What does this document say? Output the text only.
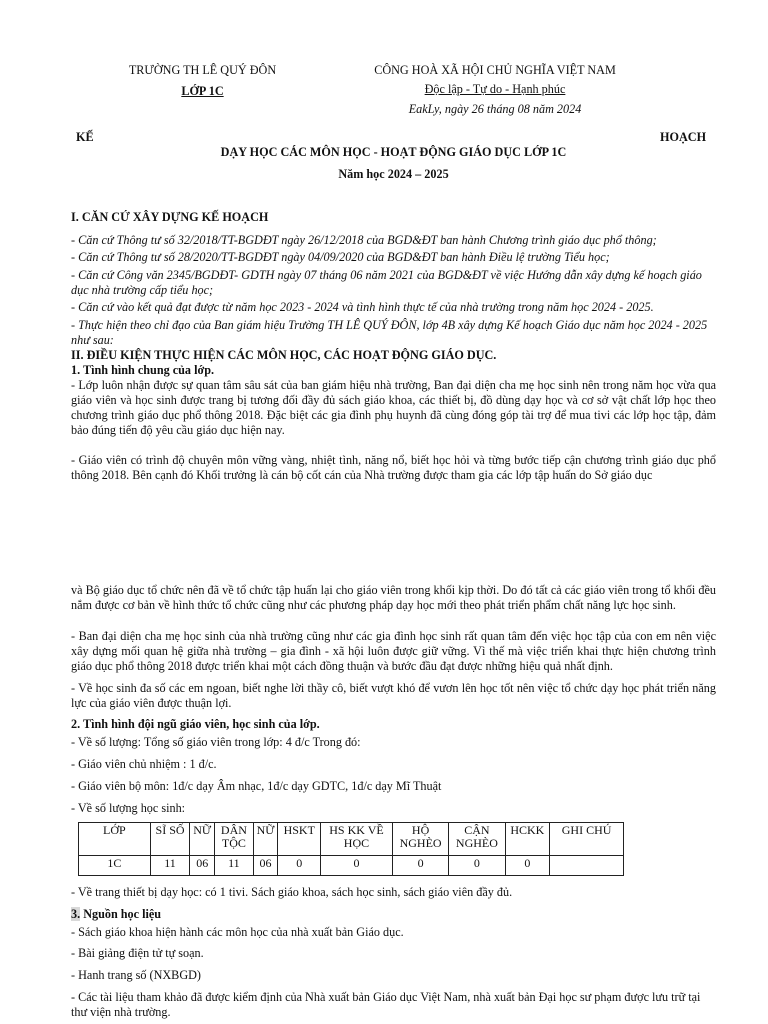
TRƯỜNG TH LÊ QUÝ ĐÔN
LỚP 1C
CÔNG HOÀ XÃ HỘI CHỦ NGHĨA VIỆT NAM
Độc lập - Tự do - Hạnh phúc
EakLy, ngày 26 tháng 08 năm 2024
KẾ	HOẠCH
DẠY HỌC CÁC MÔN HỌC - HOẠT ĐỘNG GIÁO DỤC LỚP 1C
Năm học 2024 – 2025
I. CĂN CỨ XÂY DỰNG KẾ HOẠCH

- Căn cứ Thông tư số 32/2018/TT-BGDĐT ngày 26/12/2018 của BGD&ĐT ban hành Chương trình giáo dục phổ thông;

- Căn cứ Thông tư số 28/2020/TT-BGDĐT ngày 04/09/2020 của BGD&ĐT ban hành Điều lệ trường Tiểu học;

- Căn cứ Công văn 2345/BGDĐT- GDTH ngày 07 tháng 06 năm 2021 của BGD&ĐT về việc Hướng dẫn xây dựng kế hoạch giáo dục nhà trường cấp tiểu học;

- Căn cứ vào kết quả đạt được từ năm học 2023 - 2024 và tình hình thực tế của nhà trường trong năm học 2024 - 2025.

- Thực hiện theo chỉ đạo của Ban giám hiệu Trường TH LÊ QUÝ ĐÔN, lớp 4B xây dựng Kế hoạch Giáo dục năm học 2024 - 2025 như sau:

II. ĐIỀU KIỆN THỰC HIỆN CÁC MÔN HỌC, CÁC HOẠT ĐỘNG GIÁO DỤC.
1. Tình hình chung của lớp.

- Lớp luôn nhận được sự quan tâm sâu sát của ban giám hiệu nhà trường, Ban đại diện cha mẹ học sinh nên trong năm học vừa qua giáo viên và học sinh được trang bị tương đối đầy đủ sách giáo khoa, các thiết bị, đồ dùng dạy học và cơ sở vật chất lớp học theo chương trình giáo dục phổ thông 2018. Đặc biệt các gia đình phụ huynh đã cùng đóng góp tài trợ để mua tivi các lớp học tập, đảm bảo đúng tiến độ yêu cầu giáo dục hiện nay.

- Giáo viên có trình độ chuyên môn vững vàng, nhiệt tình, năng nổ, biết học hỏi và từng bước tiếp cận chương trình giáo dục phổ thông 2018. Bên cạnh đó Khối trưởng là cán bộ cốt cán của Nhà trường được tham gia các lớp tập huấn do Sở giáo dục

và Bộ giáo dục tổ chức nên đã về tổ chức tập huấn lại cho giáo viên trong khối kịp thời. Do đó tất cả các giáo viên trong tổ khối đều nắm được cơ bản về hình thức tổ chức cũng như các phương pháp dạy học mới theo phát triển phẩm chất năng lực học sinh.

- Ban đại diện cha mẹ học sinh của nhà trường cũng như các gia đình học sinh rất quan tâm đến việc học tập của con em nên việc xây dựng mối quan hệ giữa nhà trường – gia đình - xã hội luôn được giữ vững. Vì thế mà việc triển khai thực hiện chương trình giáo dục phổ thông 2018 được triển khai một cách đồng thuận và bước đầu đạt được những hiệu quả nhất định.

- Về học sinh đa số các em ngoan, biết nghe lời thầy cô, biết vượt khó để vươn lên học tốt nên việc tổ chức dạy học phát triển năng lực của giáo viên được thuận lợi.

2. Tình hình đội ngũ giáo viên, học sinh của lớp.
- Về số lượng: Tổng số giáo viên trong lớp: 4 đ/c Trong đó:
- Giáo viên chủ nhiệm : 1 đ/c.
- Giáo viên bộ môn: 1đ/c dạy Âm nhạc, 1đ/c dạy GDTC, 1đ/c dạy Mĩ Thuật
- Về số lượng học sinh:
LỚP	SĨ SỐ	NỮ	DÂN TỘC	NỮ	HSKT	HS KK VỀ HỌC	HỘ NGHÈO	CẬN NGHÈO	HCKK	GHI CHÚ
1C	11	06	11	06	0	0	0	0	0	
- Về trang thiết bị dạy học: có 1 tivi. Sách giáo khoa, sách học sinh, sách giáo viên đầy đủ.
3. Nguồn học liệu
- Sách giáo khoa hiện hành các môn học của nhà xuất bản Giáo dục.
- Bài giảng điện tử tự soạn.
- Hanh trang số (NXBGD)

- Các tài liệu tham khảo đã được kiểm định của Nhà xuất bản Giáo dục Việt Nam, nhà xuất bản Đại học sư phạm được lưu trữ tại thư viện nhà trường.
